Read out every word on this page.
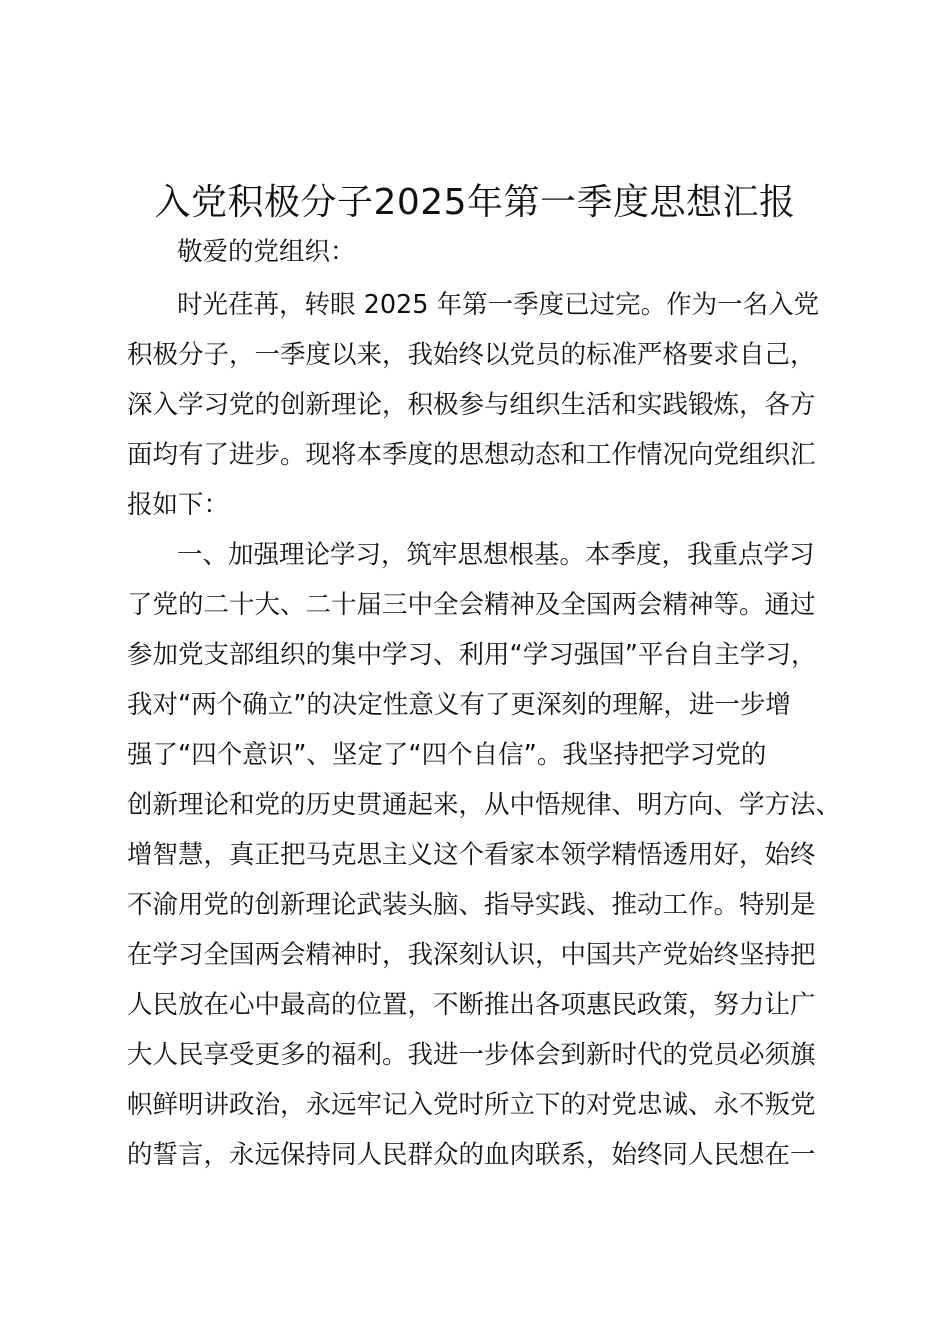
入党积极分子2025年第一季度思想汇报

敬爱的党组织：

时光荏苒，转眼 2025 年第一季度已过完。作为一名入党

积极分子，一季度以来，我始终以党员的标准严格要求自己，

深入学习党的创新理论，积极参与组织生活和实践锻炼，各方

面均有了进步。现将本季度的思想动态和工作情况向党组织汇

报如下：

一、加强理论学习，筑牢思想根基。本季度，我重点学习

了党的二十大、二十届三中全会精神及全国两会精神等。通过

参加党支部组织的集中学习、利用“学习强国”平台自主学习，

我对“两个确立”的决定性意义有了更深刻的理解，进一步增

强了“四个意识”、坚定了“四个自信”。我坚持把学习党的

创新理论和党的历史贯通起来，从中悟规律、明方向、学方法、

增智慧，真正把马克思主义这个看家本领学精悟透用好，始终

不渝用党的创新理论武装头脑、指导实践、推动工作。特别是

在学习全国两会精神时，我深刻认识，中国共产党始终坚持把

人民放在心中最高的位置，不断推出各项惠民政策，努力让广

大人民享受更多的福利。我进一步体会到新时代的党员必须旗

帜鲜明讲政治，永远牢记入党时所立下的对党忠诚、永不叛党

的誓言，永远保持同人民群众的血肉联系，始终同人民想在一
